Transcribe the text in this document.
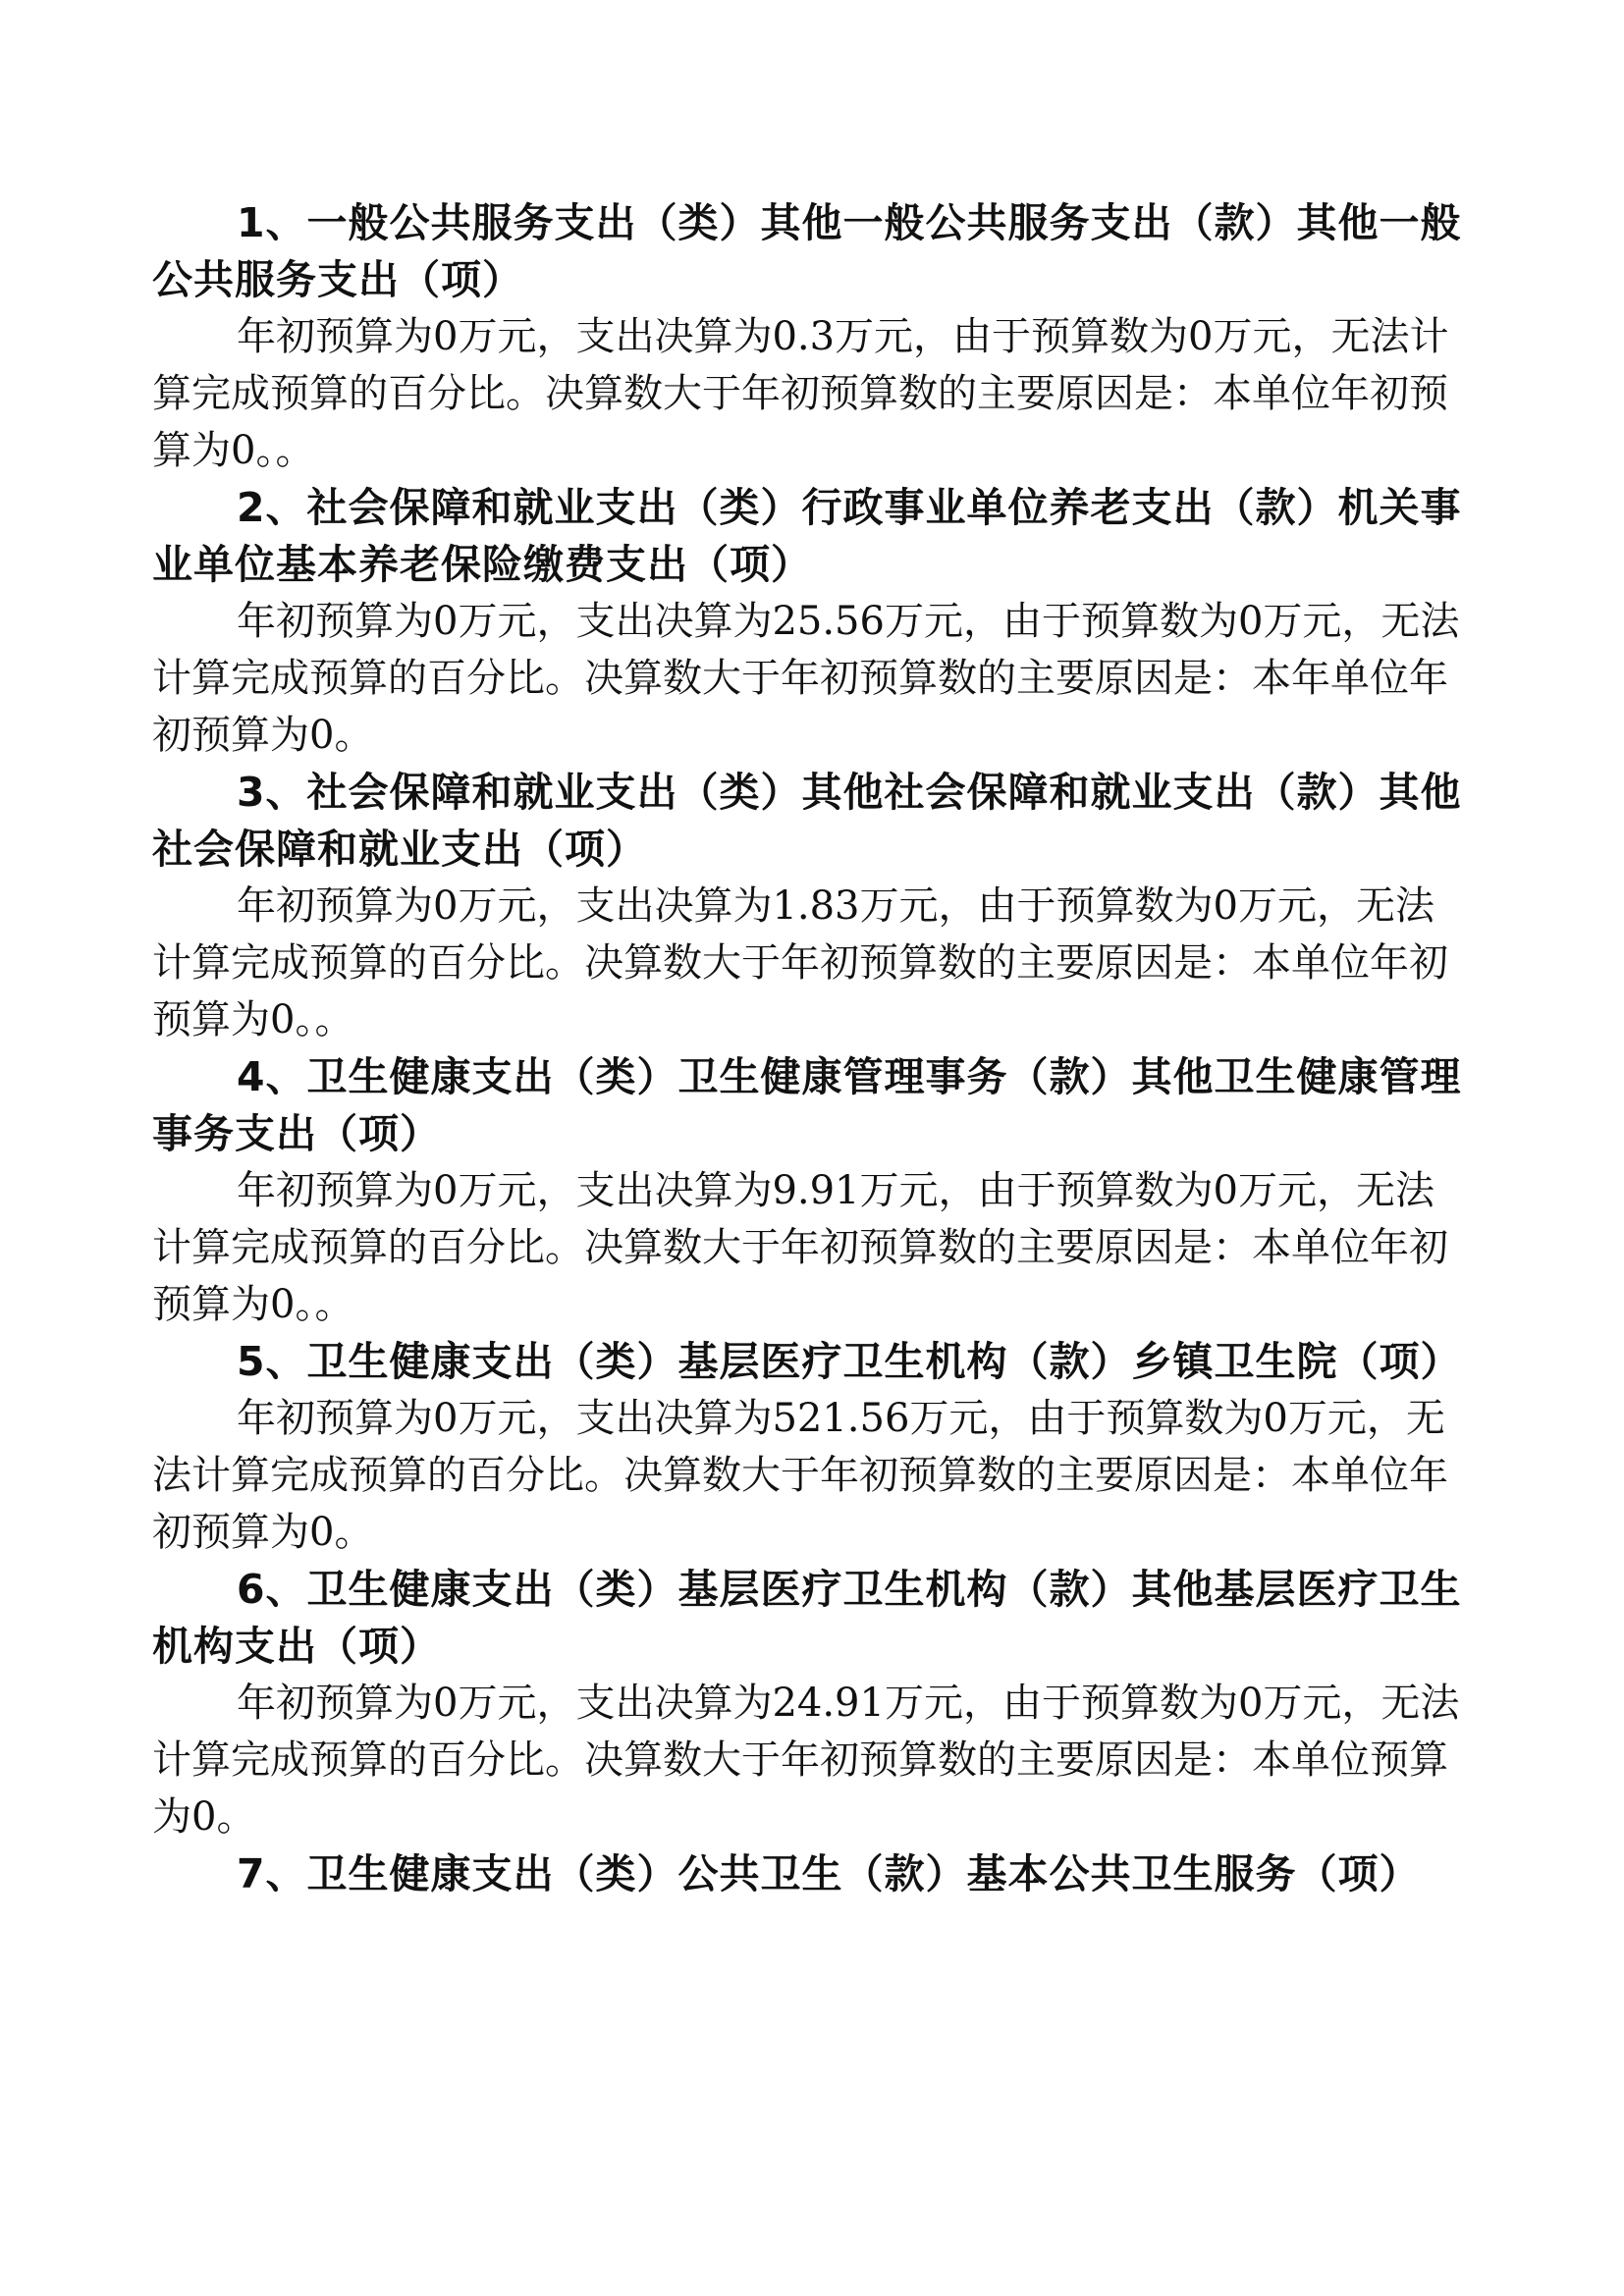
1、一般公共服务支出（类）其他一般公共服务支出（款）其他一般公共服务支出（项）

年初预算为0万元，支出决算为0.3万元，由于预算数为0万元，无法计算完成预算的百分比。决算数大于年初预算数的主要原因是：本单位年初预算为0。。

2、社会保障和就业支出（类）行政事业单位养老支出（款）机关事业单位基本养老保险缴费支出（项）

年初预算为0万元，支出决算为25.56万元，由于预算数为0万元，无法计算完成预算的百分比。决算数大于年初预算数的主要原因是：本年单位年初预算为0。

3、社会保障和就业支出（类）其他社会保障和就业支出（款）其他社会保障和就业支出（项）

年初预算为0万元，支出决算为1.83万元，由于预算数为0万元，无法计算完成预算的百分比。决算数大于年初预算数的主要原因是：本单位年初预算为0。。

4、卫生健康支出（类）卫生健康管理事务（款）其他卫生健康管理事务支出（项）

年初预算为0万元，支出决算为9.91万元，由于预算数为0万元，无法计算完成预算的百分比。决算数大于年初预算数的主要原因是：本单位年初预算为0。。

5、卫生健康支出（类）基层医疗卫生机构（款）乡镇卫生院（项）

年初预算为0万元，支出决算为521.56万元，由于预算数为0万元，无法计算完成预算的百分比。决算数大于年初预算数的主要原因是：本单位年初预算为0。

6、卫生健康支出（类）基层医疗卫生机构（款）其他基层医疗卫生机构支出（项）

年初预算为0万元，支出决算为24.91万元，由于预算数为0万元，无法计算完成预算的百分比。决算数大于年初预算数的主要原因是：本单位预算为0。

7、卫生健康支出（类）公共卫生（款）基本公共卫生服务（项）
